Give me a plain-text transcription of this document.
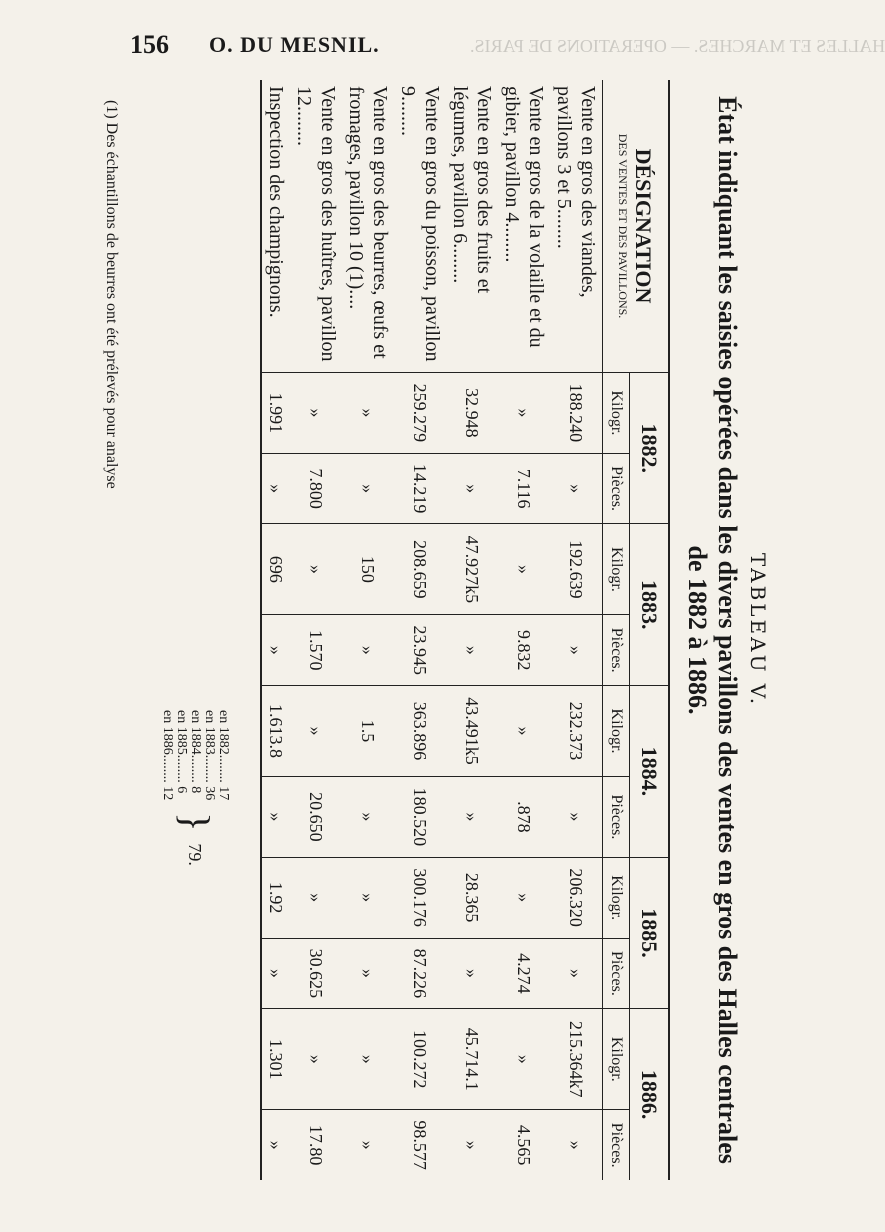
156 O. DU MESNIL.	HALLES ET MARCHES. — OPERATIONS DE PARIS.
TABLEAU V.
État indiquant les saisies opérées dans les divers pavillons des ventes en gros des Halles centrales de 1882 à 1886.
DÉSIGNATION
DES VENTES ET DES PAVILLONS.	1882.		1883.		1884.		1885.		1886.	
	Kilogr.	Pièces.	Kilogr.	Pièces.	Kilogr.	Pièces.	Kilogr.	Pièces.	Kilogr.	Pièces.
Vente en gros des viandes, pavillons 3 et 5........	188.240	»	192.639	»	232.373	»	206.320	»	215.364k7	»
Vente en gros de la volaille et du gibier, pavillon 4........	»	7.116	»	9.832	»	.878	»	4.274	»	4.565
Vente en gros des fruits et légumes, pavillon 6........	32.948	»	47.927k5	»	43.491k5	»	28.365	»	45.714.1	»
Vente en gros du poisson, pavillon 9........	259.279	14.219	208.659	23.945	363.896	180.520	300.176	87.226	100.272	98.577
Vente en gros des beurres, œufs et fromages, pavillon 10 (1)....	»	»	150	»	1.5	»	»	»	»	»
Vente en gros des huîtres, pavillon 12........	»	7.800	»	1.570	»	20.650	»	30.625	»	17.80
Inspection des champignons.	1.991	»	696	»	1.613.8	»	1.92	»	1.301	»
en 1882........ 17
en 1883........ 36
en 1884........ 8
en 1885........ 6
en 1886........ 12
}
79.
(1) Des échantillons de beurres ont été prélevés pour analyse
